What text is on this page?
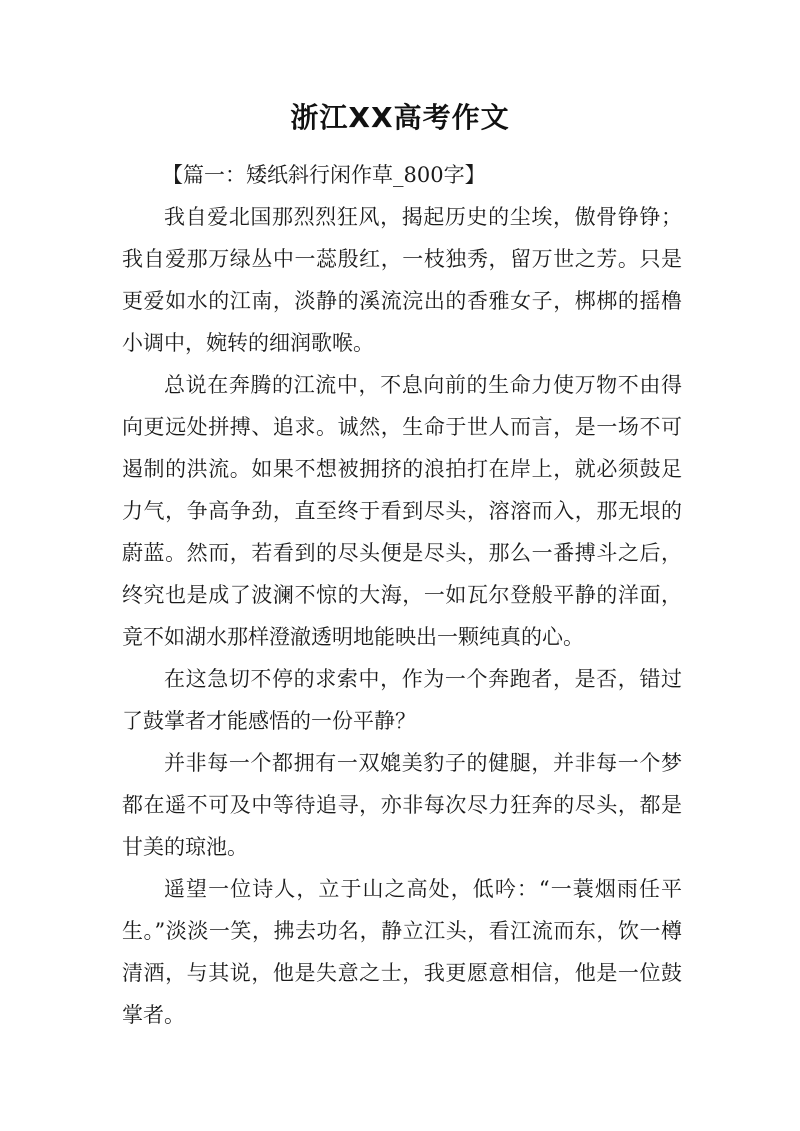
浙江XX高考作文

【篇一：矮纸斜行闲作草_800字】

我自爱北国那烈烈狂风，揭起历史的尘埃，傲骨铮铮；我自爱那万绿丛中一蕊殷红，一枝独秀，留万世之芳。只是更爱如水的江南，淡静的溪流浣出的香雅女子，梆梆的摇橹小调中，婉转的细润歌喉。

总说在奔腾的江流中，不息向前的生命力使万物不由得向更远处拼搏、追求。诚然，生命于世人而言，是一场不可遏制的洪流。如果不想被拥挤的浪拍打在岸上，就必须鼓足力气，争高争劲，直至终于看到尽头，溶溶而入，那无垠的蔚蓝。然而，若看到的尽头便是尽头，那么一番搏斗之后，终究也是成了波澜不惊的大海，一如瓦尔登般平静的洋面，竟不如湖水那样澄澈透明地能映出一颗纯真的心。

在这急切不停的求索中，作为一个奔跑者，是否，错过了鼓掌者才能感悟的一份平静？

并非每一个都拥有一双媲美豹子的健腿，并非每一个梦都在遥不可及中等待追寻，亦非每次尽力狂奔的尽头，都是甘美的琼池。

遥望一位诗人，立于山之高处，低吟：“一蓑烟雨任平生。”淡淡一笑，拂去功名，静立江头，看江流而东，饮一樽清酒，与其说，他是失意之士，我更愿意相信，他是一位鼓掌者。
